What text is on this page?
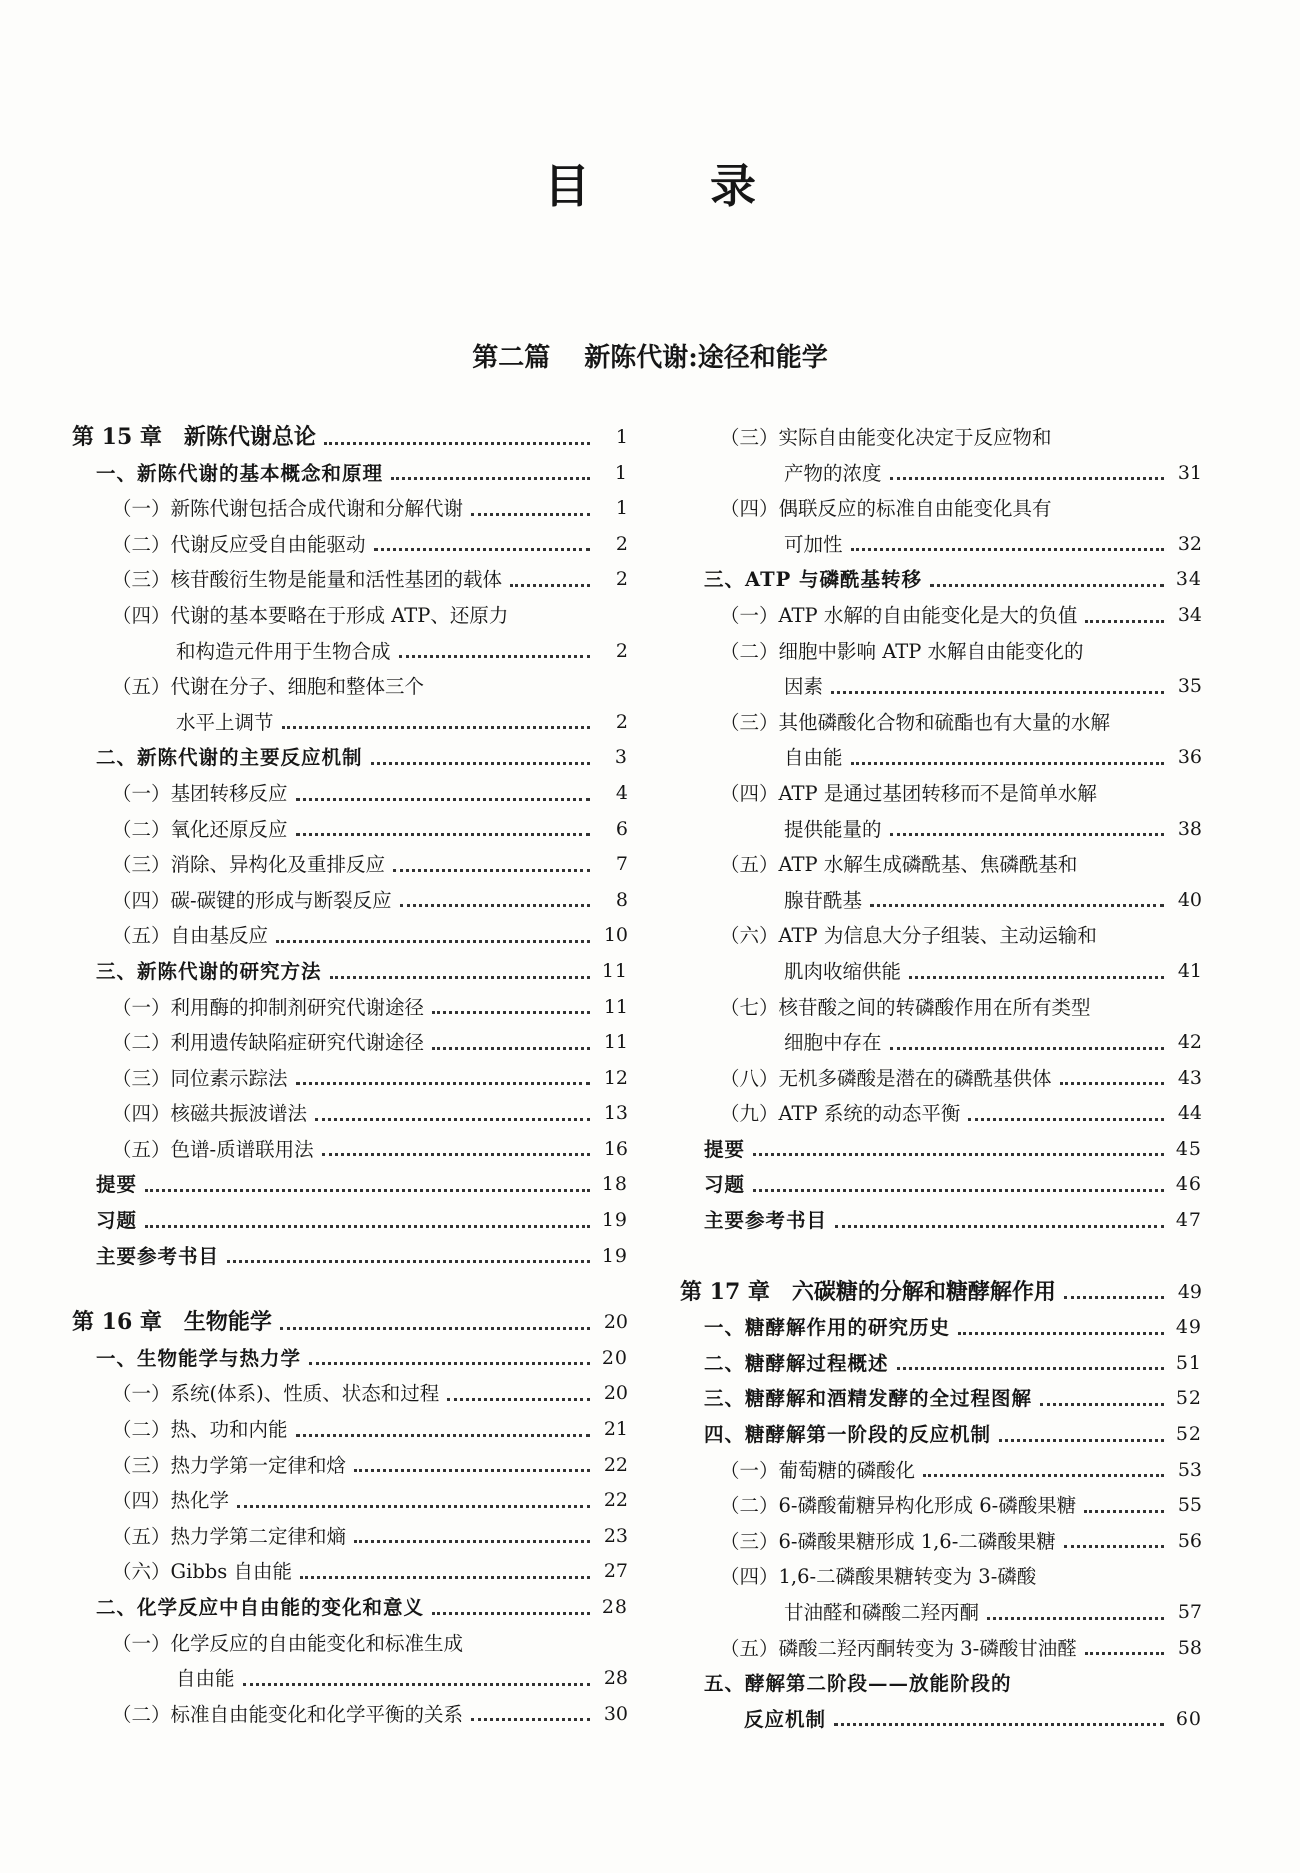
目录
第二篇 新陈代谢:途径和能学
第 15 章　新陈代谢总论	1
一、新陈代谢的基本概念和原理	1
（一）新陈代谢包括合成代谢和分解代谢	1
（二）代谢反应受自由能驱动	2
（三）核苷酸衍生物是能量和活性基团的载体	2
（四）代谢的基本要略在于形成 ATP、还原力
和构造元件用于生物合成	2
（五）代谢在分子、细胞和整体三个
水平上调节	2
二、新陈代谢的主要反应机制	3
（一）基团转移反应	4
（二）氧化还原反应	6
（三）消除、异构化及重排反应	7
（四）碳-碳键的形成与断裂反应	8
（五）自由基反应	10
三、新陈代谢的研究方法	11
（一）利用酶的抑制剂研究代谢途径	11
（二）利用遗传缺陷症研究代谢途径	11
（三）同位素示踪法	12
（四）核磁共振波谱法	13
（五）色谱-质谱联用法	16
提要	18
习题	19
主要参考书目	19
第 16 章　生物能学	20
一、生物能学与热力学	20
（一）系统(体系)、性质、状态和过程	20
（二）热、功和内能	21
（三）热力学第一定律和焓	22
（四）热化学	22
（五）热力学第二定律和熵	23
（六）Gibbs 自由能	27
二、化学反应中自由能的变化和意义	28
（一）化学反应的自由能变化和标准生成
自由能	28
（二）标准自由能变化和化学平衡的关系	30
（三）实际自由能变化决定于反应物和
产物的浓度	31
（四）偶联反应的标准自由能变化具有
可加性	32
三、ATP 与磷酰基转移	34
（一）ATP 水解的自由能变化是大的负值	34
（二）细胞中影响 ATP 水解自由能变化的
因素	35
（三）其他磷酸化合物和硫酯也有大量的水解
自由能	36
（四）ATP 是通过基团转移而不是简单水解
提供能量的	38
（五）ATP 水解生成磷酰基、焦磷酰基和
腺苷酰基	40
（六）ATP 为信息大分子组装、主动运输和
肌肉收缩供能	41
（七）核苷酸之间的转磷酸作用在所有类型
细胞中存在	42
（八）无机多磷酸是潜在的磷酰基供体	43
（九）ATP 系统的动态平衡	44
提要	45
习题	46
主要参考书目	47
第 17 章　六碳糖的分解和糖酵解作用	49
一、糖酵解作用的研究历史	49
二、糖酵解过程概述	51
三、糖酵解和酒精发酵的全过程图解	52
四、糖酵解第一阶段的反应机制	52
（一）葡萄糖的磷酸化	53
（二）6-磷酸葡糖异构化形成 6-磷酸果糖	55
（三）6-磷酸果糖形成 1,6-二磷酸果糖	56
（四）1,6-二磷酸果糖转变为 3-磷酸
甘油醛和磷酸二羟丙酮	57
（五）磷酸二羟丙酮转变为 3-磷酸甘油醛	58
五、酵解第二阶段——放能阶段的
反应机制	60
